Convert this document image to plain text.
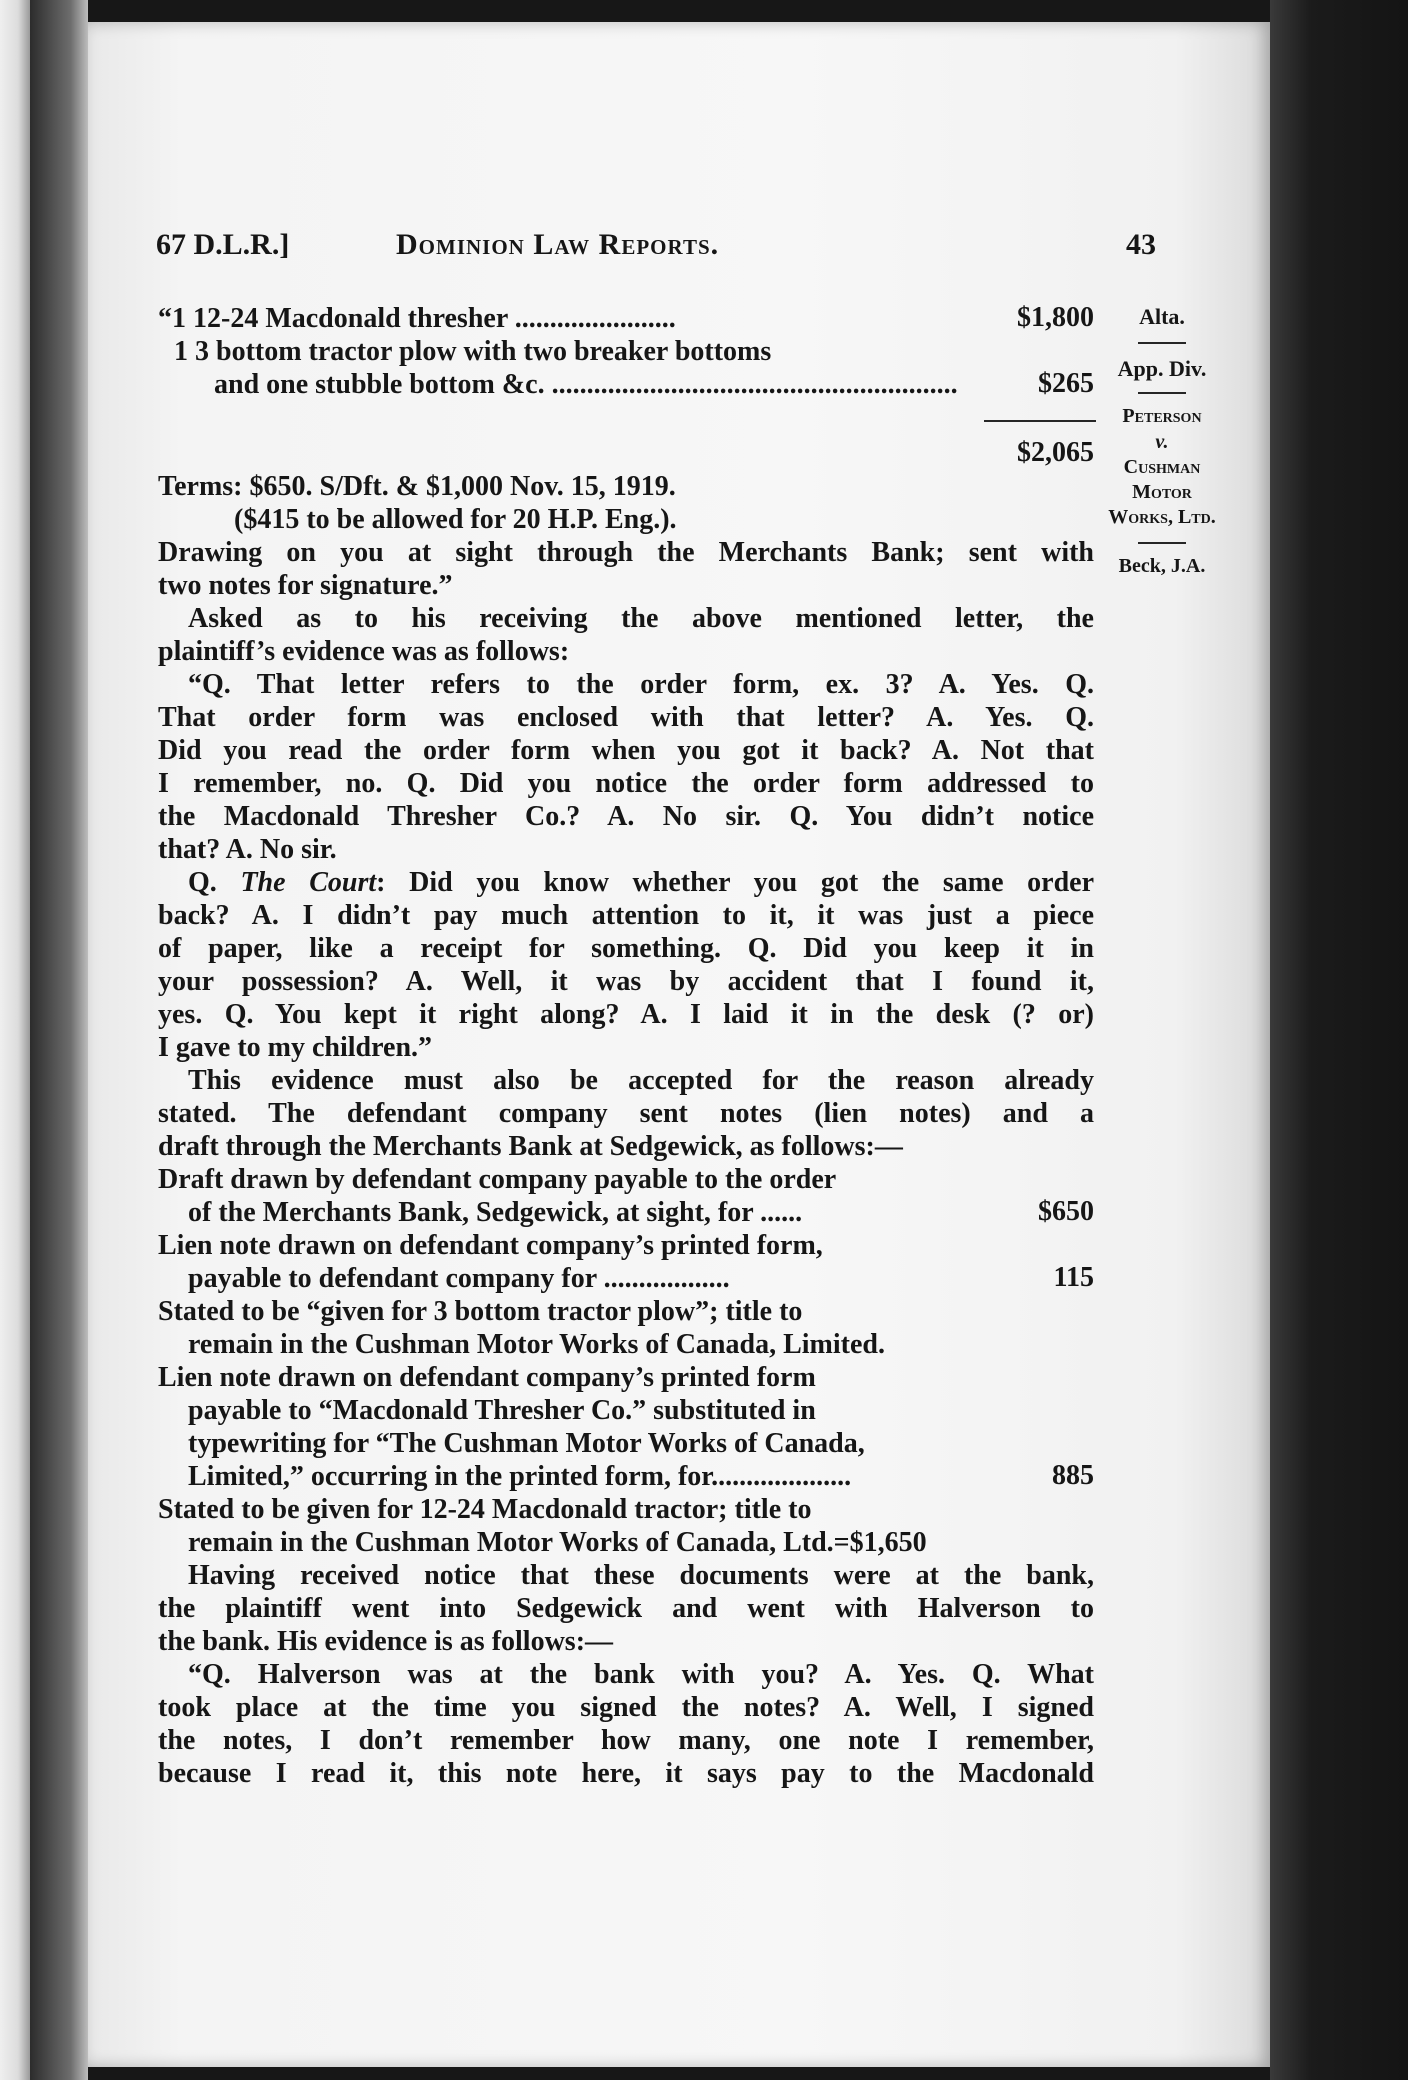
67 D.L.R.]	Dominion Law Reports.	43
Alta.
App. Div.
Peterson
v.
Cushman
Motor
Works, Ltd.
Beck, J.A.
“1 12-24 Macdonald thresher .......................	$1,800
1 3 bottom tractor plow with two breaker bottoms
and one stubble bottom &c. ..........................................................	$265
$2,065
Terms: $650. S/Dft. & $1,000 Nov. 15, 1919.
($415 to be allowed for 20 H.P. Eng.).
Drawing on you at sight through the Merchants Bank; sent with
two notes for signature.”
Asked as to his receiving the above mentioned letter, the
plaintiff’s evidence was as follows:
“Q. That letter refers to the order form, ex. 3? A. Yes. Q.
That order form was enclosed with that letter? A. Yes. Q.
Did you read the order form when you got it back? A. Not that
I remember, no. Q. Did you notice the order form addressed to
the Macdonald Thresher Co.? A. No sir. Q. You didn’t notice
that? A. No sir.
Q. The Court: Did you know whether you got the same order
back? A. I didn’t pay much attention to it, it was just a piece
of paper, like a receipt for something. Q. Did you keep it in
your possession? A. Well, it was by accident that I found it,
yes. Q. You kept it right along? A. I laid it in the desk (? or)
I gave to my children.”
This evidence must also be accepted for the reason already
stated. The defendant company sent notes (lien notes) and a
draft through the Merchants Bank at Sedgewick, as follows:—
Draft drawn by defendant company payable to the order
of the Merchants Bank, Sedgewick, at sight, for ......	$650
Lien note drawn on defendant company’s printed form,
payable to defendant company for ..................	115
Stated to be “given for 3 bottom tractor plow”; title to
remain in the Cushman Motor Works of Canada, Limited.
Lien note drawn on defendant company’s printed form
payable to “Macdonald Thresher Co.” substituted in
typewriting for “The Cushman Motor Works of Canada,
Limited,” occurring in the printed form, for....................	885
Stated to be given for 12-24 Macdonald tractor; title to
remain in the Cushman Motor Works of Canada, Ltd.=$1,650
Having received notice that these documents were at the bank,
the plaintiff went into Sedgewick and went with Halverson to
the bank. His evidence is as follows:—
“Q. Halverson was at the bank with you? A. Yes. Q. What
took place at the time you signed the notes? A. Well, I signed
the notes, I don’t remember how many, one note I remember,
because I read it, this note here, it says pay to the Macdonald
